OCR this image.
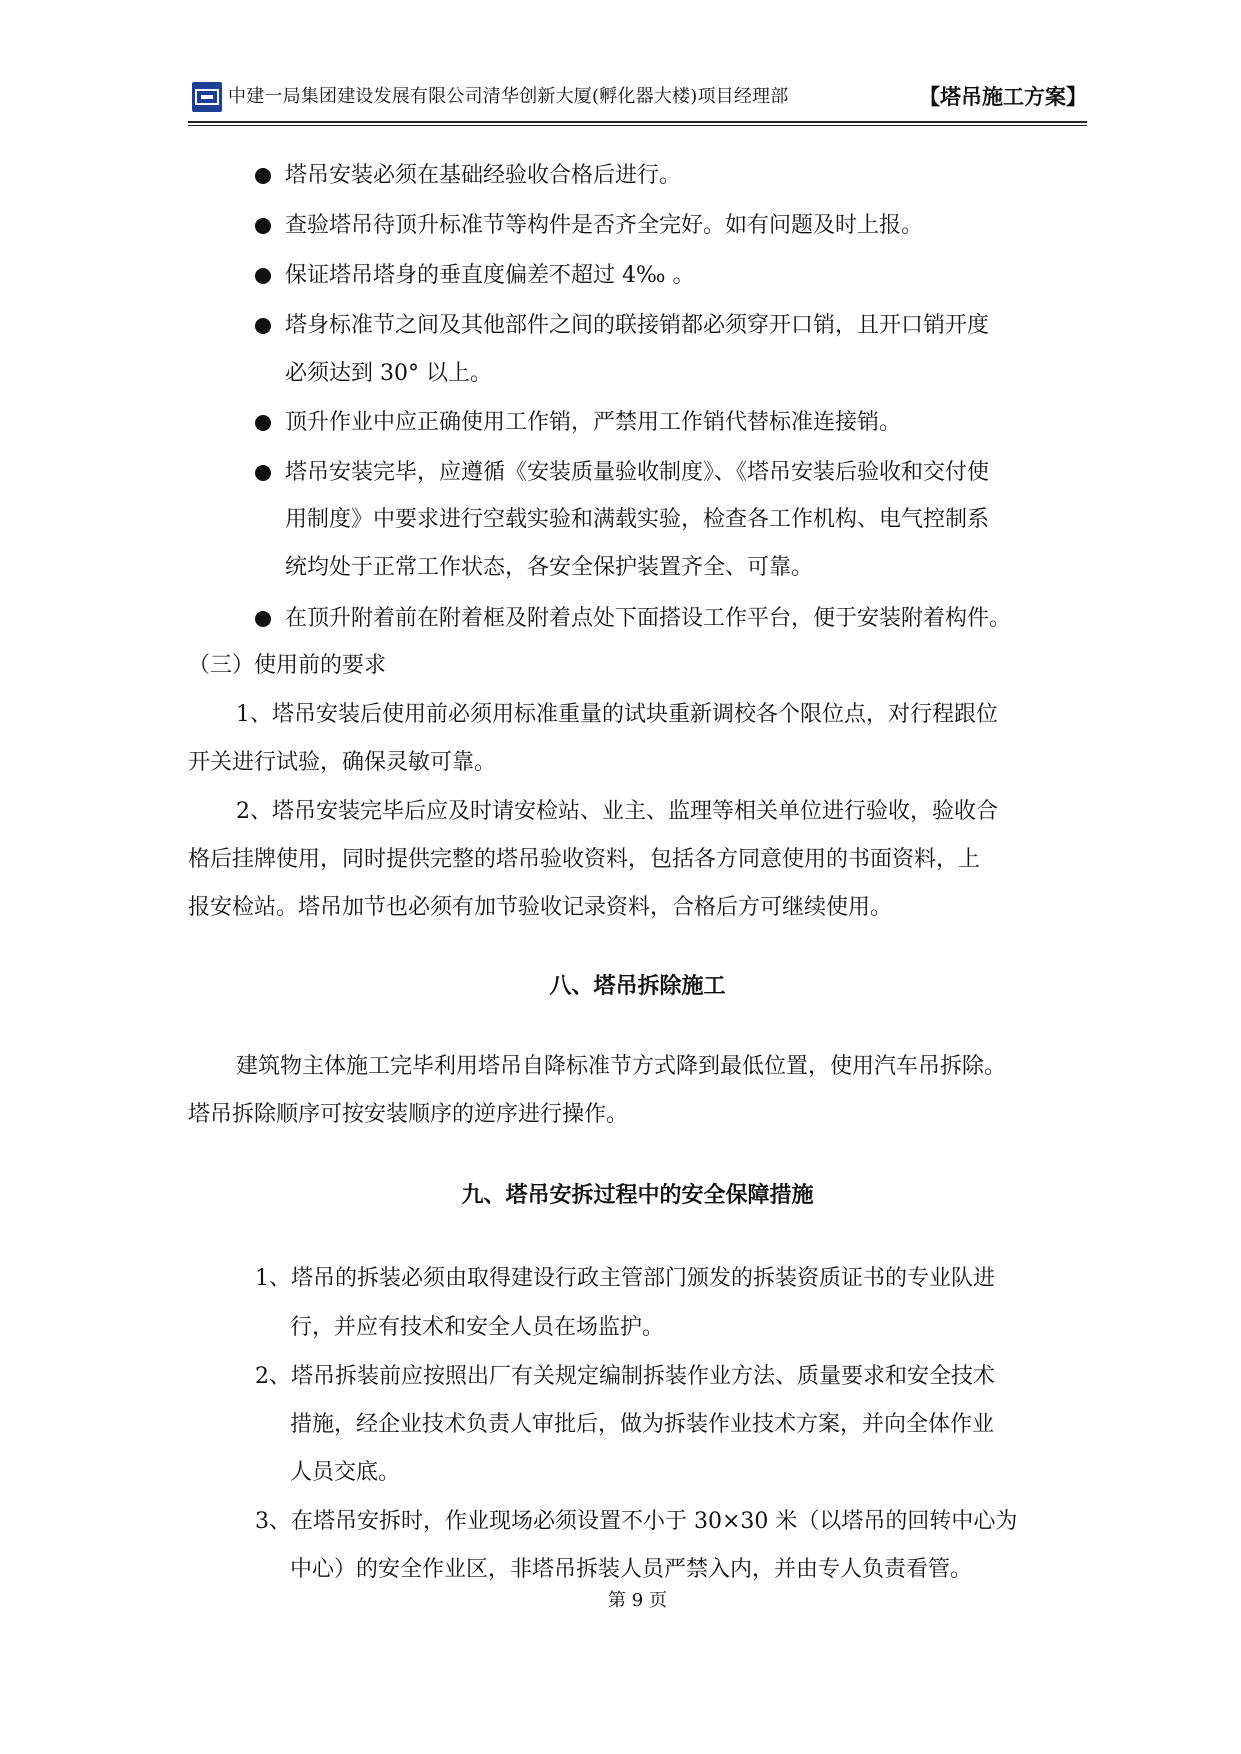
中建一局集团建设发展有限公司清华创新大厦(孵化器大楼)项目经理部	【塔吊施工方案】
塔吊安装必须在基础经验收合格后进行。
查验塔吊待顶升标准节等构件是否齐全完好。如有问题及时上报。
保证塔吊塔身的垂直度偏差不超过 4‰ 。
塔身标准节之间及其他部件之间的联接销都必须穿开口销，且开口销开度
必须达到 30° 以上。
顶升作业中应正确使用工作销，严禁用工作销代替标准连接销。
塔吊安装完毕，应遵循《安装质量验收制度》、《塔吊安装后验收和交付使
用制度》中要求进行空载实验和满载实验，检查各工作机构、电气控制系
统均处于正常工作状态，各安全保护装置齐全、可靠。
在顶升附着前在附着框及附着点处下面搭设工作平台，便于安装附着构件。
（三）使用前的要求
1、塔吊安装后使用前必须用标准重量的试块重新调校各个限位点，对行程跟位
开关进行试验，确保灵敏可靠。
2、塔吊安装完毕后应及时请安检站、业主、监理等相关单位进行验收，验收合
格后挂牌使用，同时提供完整的塔吊验收资料，包括各方同意使用的书面资料，上
报安检站。塔吊加节也必须有加节验收记录资料，合格后方可继续使用。
八、塔吊拆除施工
建筑物主体施工完毕利用塔吊自降标准节方式降到最低位置，使用汽车吊拆除。
塔吊拆除顺序可按安装顺序的逆序进行操作。
九、塔吊安拆过程中的安全保障措施
1、塔吊的拆装必须由取得建设行政主管部门颁发的拆装资质证书的专业队进
行，并应有技术和安全人员在场监护。
2、塔吊拆装前应按照出厂有关规定编制拆装作业方法、质量要求和安全技术
措施，经企业技术负责人审批后，做为拆装作业技术方案，并向全体作业
人员交底。
3、在塔吊安拆时，作业现场必须设置不小于 30×30 米（以塔吊的回转中心为
中心）的安全作业区，非塔吊拆装人员严禁入内，并由专人负责看管。
第 9 页
